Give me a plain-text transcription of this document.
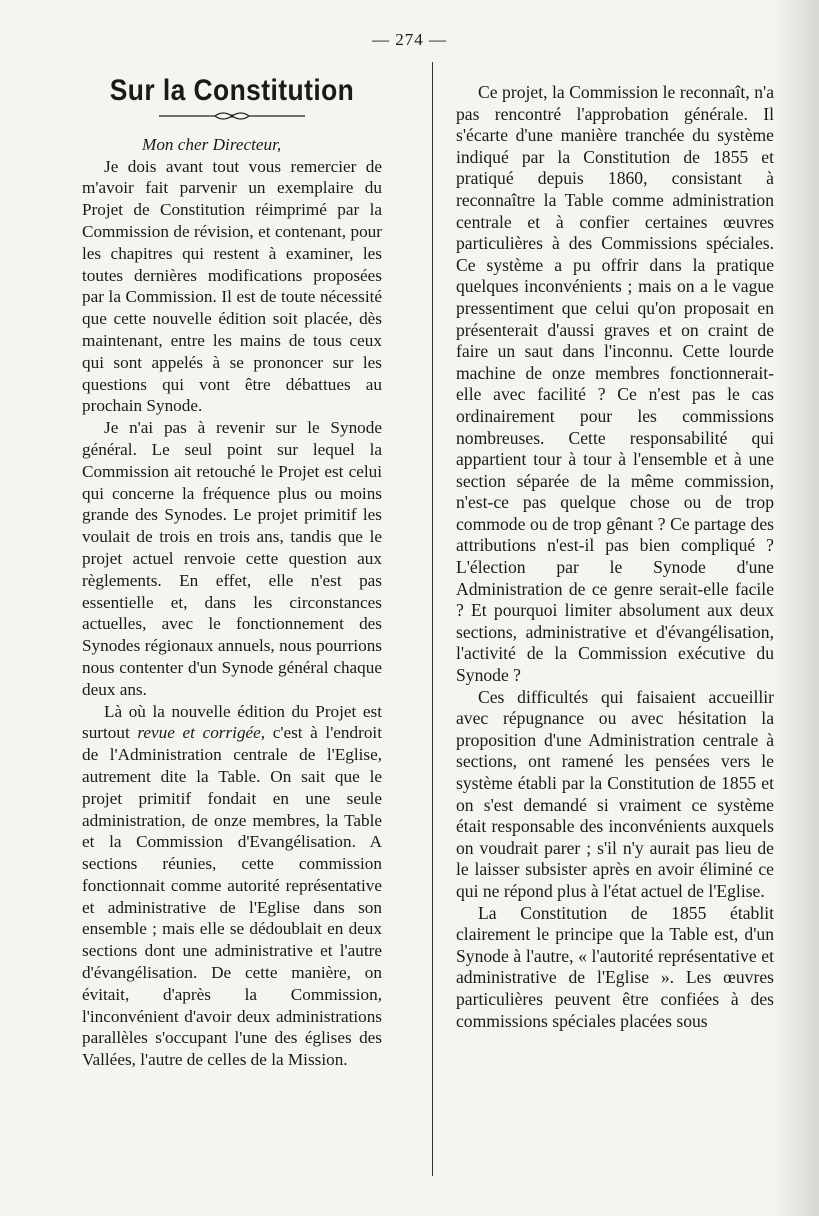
— 274 —
Sur la Constitution

Mon cher Directeur,

Je dois avant tout vous remercier de m'avoir fait parvenir un exemplaire du Projet de Constitution réimprimé par la Commission de révision, et contenant, pour les chapitres qui restent à examiner, les toutes dernières modifications proposées par la Commission. Il est de toute nécessité que cette nouvelle édition soit placée, dès maintenant, entre les mains de tous ceux qui sont appelés à se prononcer sur les questions qui vont être débattues au prochain Synode.

Je n'ai pas à revenir sur le Synode général. Le seul point sur lequel la Commission ait retouché le Projet est celui qui concerne la fréquence plus ou moins grande des Synodes. Le projet primitif les voulait de trois en trois ans, tandis que le projet actuel renvoie cette question aux règlements. En effet, elle n'est pas essentielle et, dans les circonstances actuelles, avec le fonctionnement des Synodes régionaux annuels, nous pourrions nous contenter d'un Synode général chaque deux ans.

Là où la nouvelle édition du Projet est surtout revue et corrigée, c'est à l'endroit de l'Administration centrale de l'Eglise, autrement dite la Table. On sait que le projet primitif fondait en une seule administration, de onze membres, la Table et la Commission d'Evangélisation. A sections réunies, cette commission fonctionnait comme autorité représentative et administrative de l'Eglise dans son ensemble ; mais elle se dédoublait en deux sections dont une administrative et l'autre d'évangélisation. De cette manière, on évitait, d'après la Commission, l'inconvénient d'avoir deux administrations parallèles s'occupant l'une des églises des Vallées, l'autre de celles de la Mission.

Ce projet, la Commission le reconnaît, n'a pas rencontré l'approbation générale. Il s'écarte d'une manière tranchée du système indiqué par la Constitution de 1855 et pratiqué depuis 1860, consistant à reconnaître la Table comme administration centrale et à confier certaines œuvres particulières à des Commissions spéciales. Ce système a pu offrir dans la pratique quelques inconvénients ; mais on a le vague pressentiment que celui qu'on proposait en présenterait d'aussi graves et on craint de faire un saut dans l'inconnu. Cette lourde machine de onze membres fonctionnerait-elle avec facilité ? Ce n'est pas le cas ordinairement pour les commissions nombreuses. Cette responsabilité qui appartient tour à tour à l'ensemble et à une section séparée de la même commission, n'est-ce pas quelque chose ou de trop commode ou de trop gênant ? Ce partage des attributions n'est-il pas bien compliqué ? L'élection par le Synode d'une Administration de ce genre serait-elle facile ? Et pourquoi limiter absolument aux deux sections, administrative et d'évangélisation, l'activité de la Commission exécutive du Synode ?

Ces difficultés qui faisaient accueillir avec répugnance ou avec hésitation la proposition d'une Administration centrale à sections, ont ramené les pensées vers le système établi par la Constitution de 1855 et on s'est demandé si vraiment ce système était responsable des inconvénients auxquels on voudrait parer ; s'il n'y aurait pas lieu de le laisser subsister après en avoir éliminé ce qui ne répond plus à l'état actuel de l'Eglise.

La Constitution de 1855 établit clairement le principe que la Table est, d'un Synode à l'autre, « l'autorité représentative et administrative de l'Eglise ». Les œuvres particulières peuvent être confiées à des commissions spéciales placées sous
